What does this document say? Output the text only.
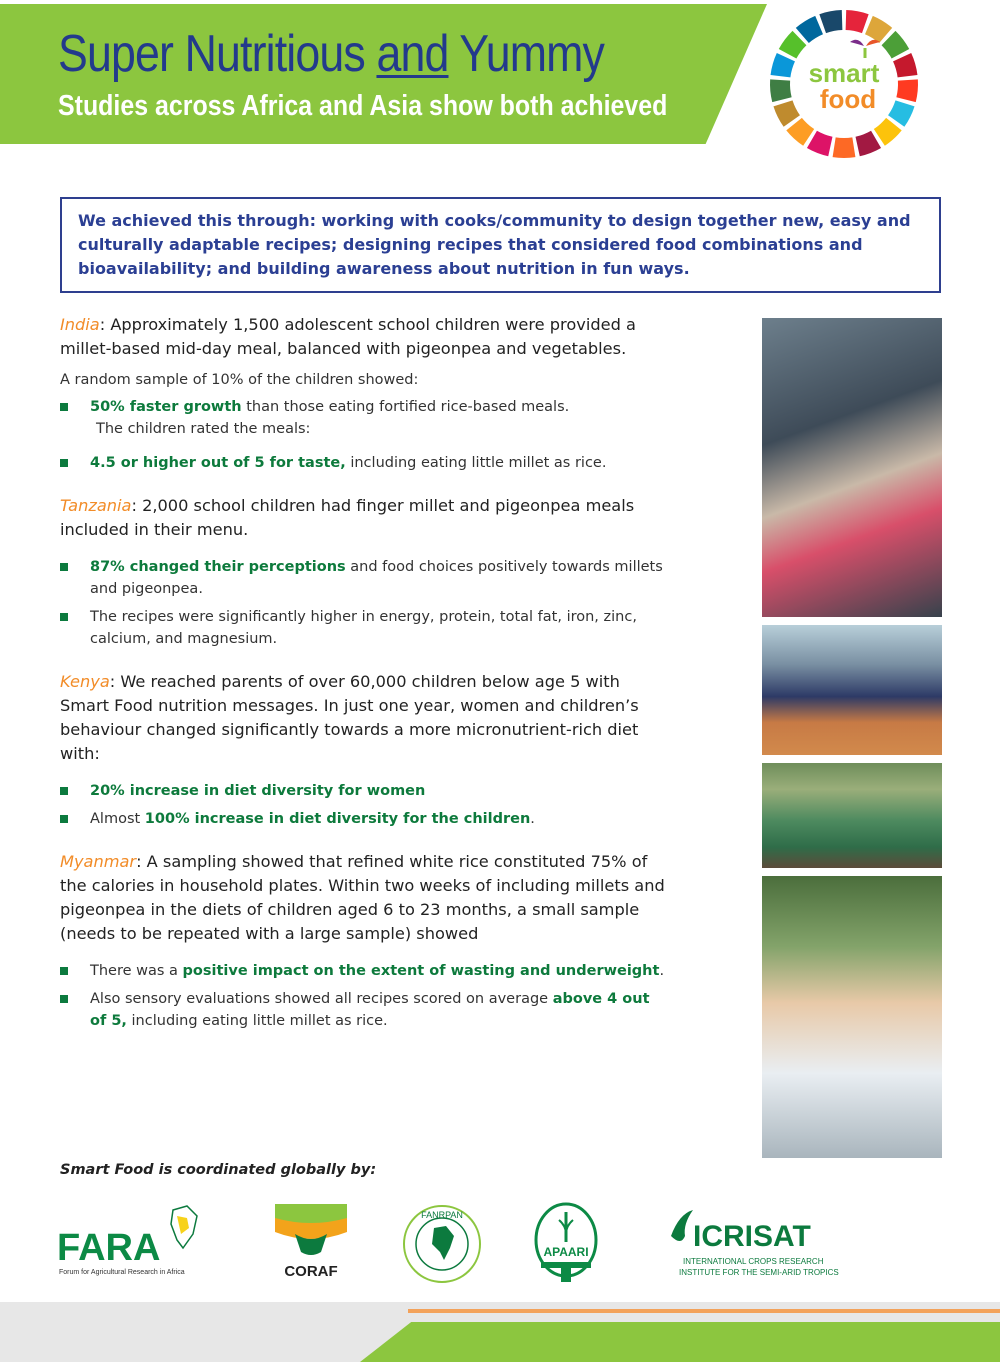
Super Nutritious and Yummy
Studies across Africa and Asia show both achieved
smart
food
We achieved this through: working with cooks/community to design together new, easy and culturally adaptable recipes; designing recipes that considered food combinations and bioavailability; and building awareness about nutrition in fun ways.

India: Approximately 1,500 adolescent school children were provided a millet-based mid-day meal, balanced with pigeonpea and vegetables.

A random sample of 10% of the children showed:

50% faster growth than those eating fortified rice-based meals.
The children rated the meals:
4.5 or higher out of 5 for taste, including eating little millet as rice.

Tanzania: 2,000 school children had finger millet and pigeonpea meals included in their menu.

87% changed their perceptions and food choices positively towards millets and pigeonpea.
The recipes were significantly higher in energy, protein, total fat, iron, zinc, calcium, and magnesium.

Kenya: We reached parents of over 60,000 children below age 5 with Smart Food nutrition messages. In just one year, women and children’s behaviour changed significantly towards a more micronutrient-rich diet with:

20% increase in diet diversity for women
Almost 100% increase in diet diversity for the children.

Myanmar: A sampling showed that refined white rice constituted 75% of the calories in household plates. Within two weeks of including millets and pigeonpea in the diets of children aged 6 to 23 months, a small sample (needs to be repeated with a large sample) showed

There was a positive impact on the extent of wasting and underweight.
Also sensory evaluations showed all recipes scored on average above 4 out of 5, including eating little millet as rice.
Smart Food is coordinated globally by:
FARA
Forum for Agricultural Research in Africa	CORAF
FANRPAN
APAARI	ICRISAT
INTERNATIONAL CROPS RESEARCH
INSTITUTE FOR THE SEMI-ARID TROPICS
